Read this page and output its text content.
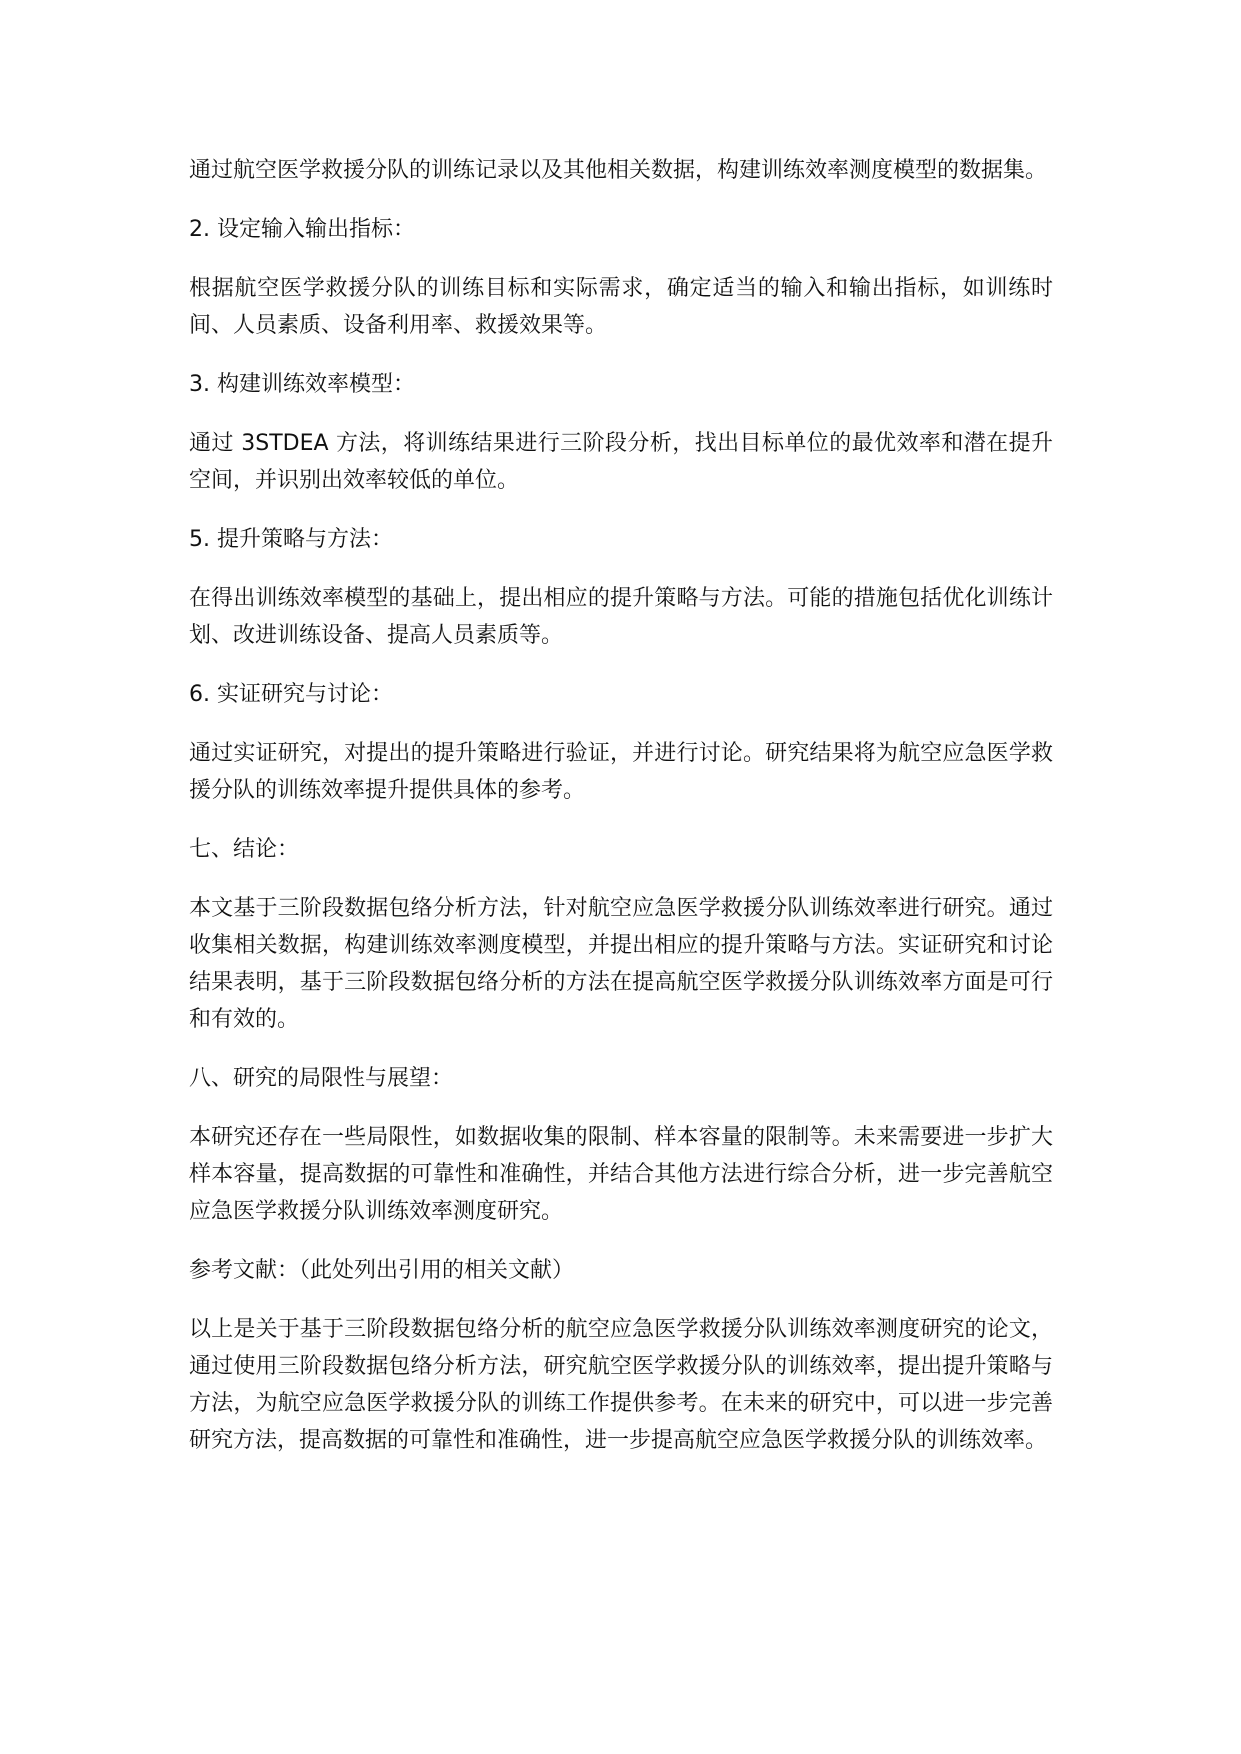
通过航空医学救援分队的训练记录以及其他相关数据，构建训练效率测度模型的数据集。

2. 设定输入输出指标：

根据航空医学救援分队的训练目标和实际需求，确定适当的输入和输出指标，如训练时间、人员素质、设备利用率、救援效果等。

3. 构建训练效率模型：

通过 3STDEA 方法，将训练结果进行三阶段分析，找出目标单位的最优效率和潜在提升空间，并识别出效率较低的单位。

5. 提升策略与方法：

在得出训练效率模型的基础上，提出相应的提升策略与方法。可能的措施包括优化训练计划、改进训练设备、提高人员素质等。

6. 实证研究与讨论：

通过实证研究，对提出的提升策略进行验证，并进行讨论。研究结果将为航空应急医学救援分队的训练效率提升提供具体的参考。

七、结论：

本文基于三阶段数据包络分析方法，针对航空应急医学救援分队训练效率进行研究。通过收集相关数据，构建训练效率测度模型，并提出相应的提升策略与方法。实证研究和讨论结果表明，基于三阶段数据包络分析的方法在提高航空医学救援分队训练效率方面是可行和有效的。

八、研究的局限性与展望：

本研究还存在一些局限性，如数据收集的限制、样本容量的限制等。未来需要进一步扩大样本容量，提高数据的可靠性和准确性，并结合其他方法进行综合分析，进一步完善航空应急医学救援分队训练效率测度研究。

参考文献：（此处列出引用的相关文献）

以上是关于基于三阶段数据包络分析的航空应急医学救援分队训练效率测度研究的论文，通过使用三阶段数据包络分析方法，研究航空医学救援分队的训练效率，提出提升策略与方法，为航空应急医学救援分队的训练工作提供参考。在未来的研究中，可以进一步完善研究方法，提高数据的可靠性和准确性，进一步提高航空应急医学救援分队的训练效率。
